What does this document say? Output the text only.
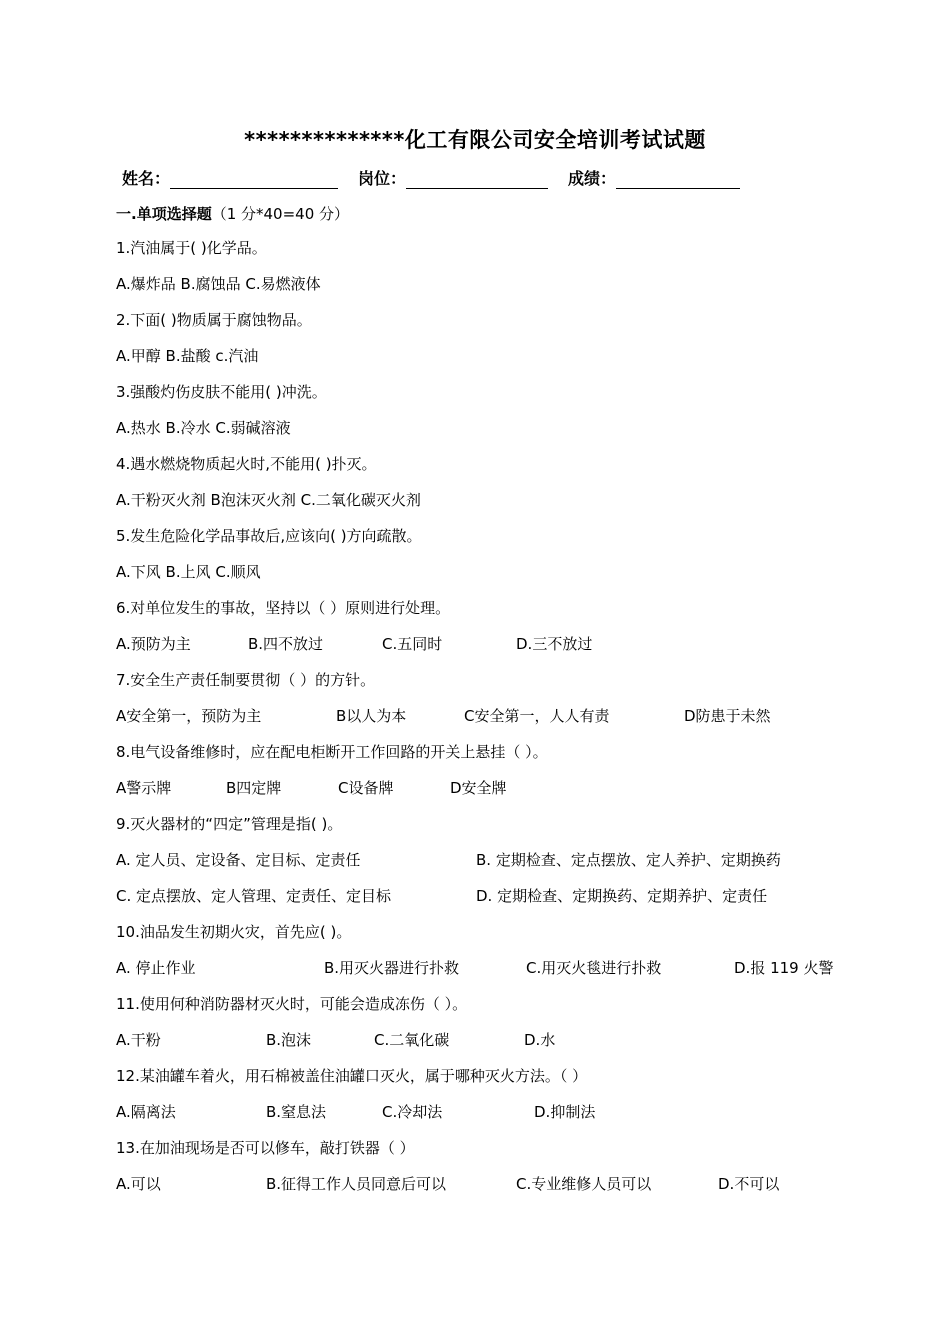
**************化工有限公司安全培训考试试题
姓名：	岗位：	成绩：
一.单项选择题（1 分*40=40 分）
1.汽油属于( )化学品。
A.爆炸品 B.腐蚀品 C.易燃液体
2.下面( )物质属于腐蚀物品。
A.甲醇 B.盐酸 c.汽油
3.强酸灼伤皮肤不能用( )冲洗。
A.热水 B.冷水 C.弱碱溶液
4.遇水燃烧物质起火时,不能用( )扑灭。
A.干粉灭火剂 B泡沫灭火剂 C.二氧化碳灭火剂
5.发生危险化学品事故后,应该向( )方向疏散。
A.下风 B.上风 C.顺风
6.对单位发生的事故，坚持以（ ）原则进行处理。
A.预防为主	B.四不放过	C.五同时	D.三不放过
7.安全生产责任制要贯彻（ ）的方针。
A安全第一，预防为主	B以人为本	C安全第一，人人有责	D防患于未然
8.电气设备维修时，应在配电柜断开工作回路的开关上悬挂（ ）。
A警示牌	B四定牌	C设备牌	D安全牌
9.灭火器材的“四定”管理是指( )。
A. 定人员、定设备、定目标、定责任	B. 定期检查、定点摆放、定人养护、定期换药
C. 定点摆放、定人管理、定责任、定目标	D. 定期检查、定期换药、定期养护、定责任
10.油品发生初期火灾，首先应( )。
A. 停止作业	B.用灭火器进行扑救	C.用灭火毯进行扑救	D.报 119 火警
11.使用何种消防器材灭火时，可能会造成冻伤（ ）。
A.干粉	B.泡沫	C.二氧化碳	D.水
12.某油罐车着火，用石棉被盖住油罐口灭火，属于哪种灭火方法。（ ）
A.隔离法	B.窒息法	C.冷却法	D.抑制法
13.在加油现场是否可以修车，敲打铁器（ ）
A.可以	B.征得工作人员同意后可以	C.专业维修人员可以	D.不可以
